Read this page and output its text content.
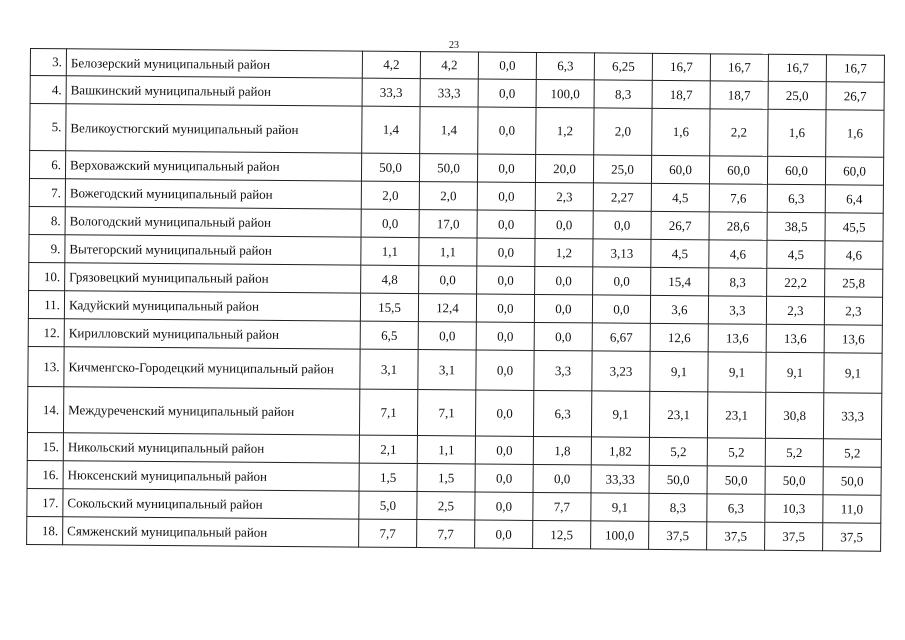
23
3.	Белозерский муниципальный район	4,2	4,2	0,0	6,3	6,25	16,7	16,7	16,7	16,7
4.	Вашкинский муниципальный район	33,3	33,3	0,0	100,0	8,3	18,7	18,7	25,0	26,7
5.	Великоустюгский муниципальный район	1,4	1,4	0,0	1,2	2,0	1,6	2,2	1,6	1,6
6.	Верховажский муниципальный район	50,0	50,0	0,0	20,0	25,0	60,0	60,0	60,0	60,0
7.	Вожегодский муниципальный район	2,0	2,0	0,0	2,3	2,27	4,5	7,6	6,3	6,4
8.	Вологодский муниципальный район	0,0	17,0	0,0	0,0	0,0	26,7	28,6	38,5	45,5
9.	Вытегорский муниципальный район	1,1	1,1	0,0	1,2	3,13	4,5	4,6	4,5	4,6
10.	Грязовецкий муниципальный район	4,8	0,0	0,0	0,0	0,0	15,4	8,3	22,2	25,8
11.	Кадуйский муниципальный район	15,5	12,4	0,0	0,0	0,0	3,6	3,3	2,3	2,3
12.	Кирилловский муниципальный район	6,5	0,0	0,0	0,0	6,67	12,6	13,6	13,6	13,6
13.	Кичменгско-Городецкий муниципальный район	3,1	3,1	0,0	3,3	3,23	9,1	9,1	9,1	9,1
14.	Междуреченский муниципальный район	7,1	7,1	0,0	6,3	9,1	23,1	23,1	30,8	33,3
15.	Никольский муниципальный район	2,1	1,1	0,0	1,8	1,82	5,2	5,2	5,2	5,2
16.	Нюксенский муниципальный район	1,5	1,5	0,0	0,0	33,33	50,0	50,0	50,0	50,0
17.	Сокольский муниципальный район	5,0	2,5	0,0	7,7	9,1	8,3	6,3	10,3	11,0
18.	Сямженский муниципальный район	7,7	7,7	0,0	12,5	100,0	37,5	37,5	37,5	37,5
